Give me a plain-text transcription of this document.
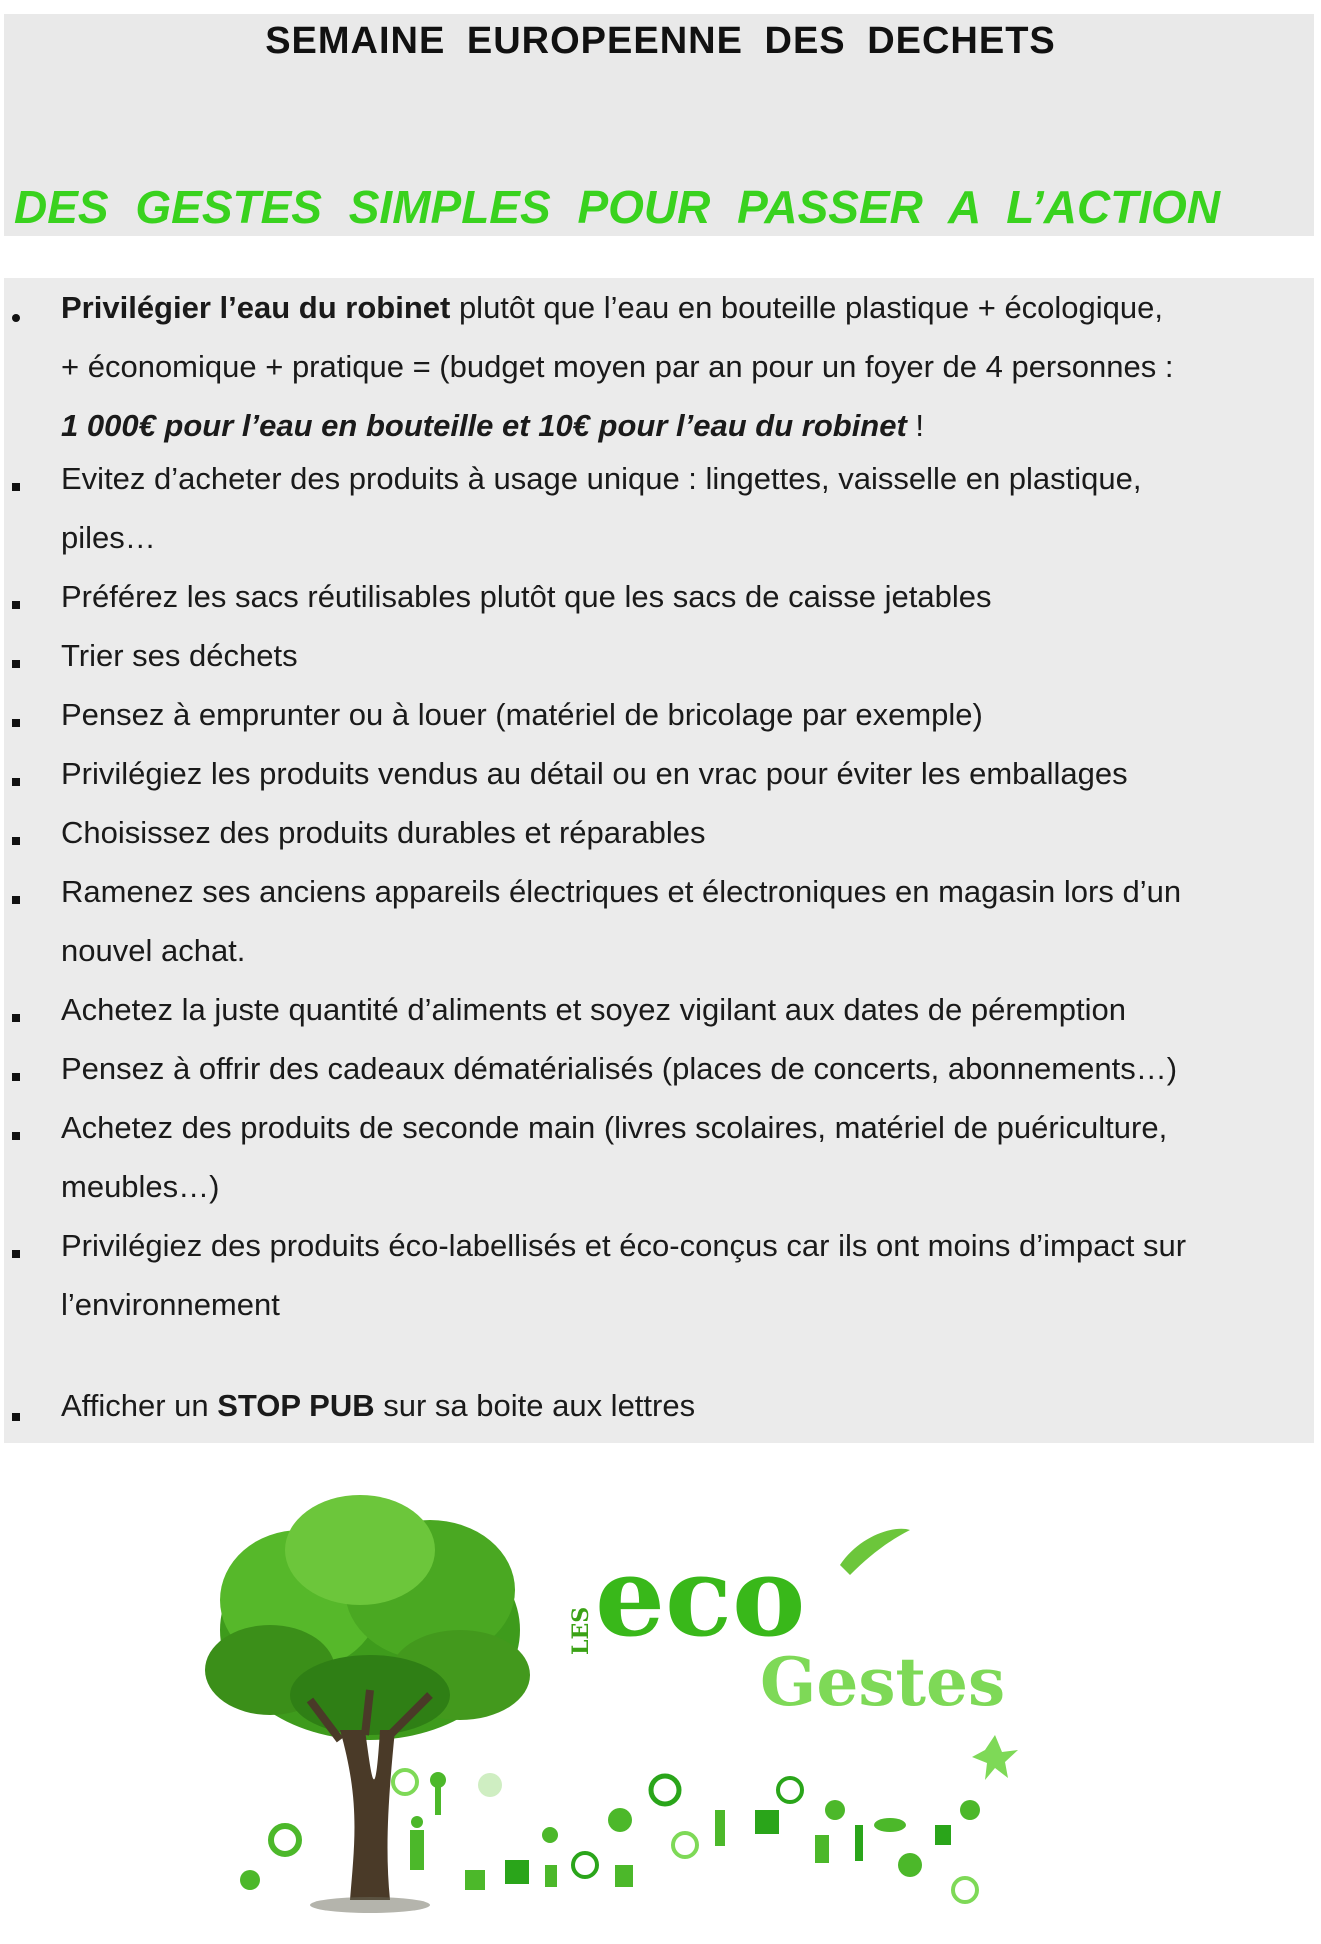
SEMAINE EUROPEENNE DES DECHETS
DES GESTES SIMPLES POUR PASSER A L’ACTION
Privilégier l’eau du robinet plutôt que l’eau en bouteille plastique + écologique,
+ économique + pratique = (budget moyen par an pour un foyer de 4 personnes :
1 000€ pour l’eau en bouteille et 10€ pour l’eau du robinet !
Evitez d’acheter des produits à usage unique : lingettes, vaisselle en plastique,
piles…
Préférez les sacs réutilisables plutôt que les sacs de caisse jetables
Trier ses déchets
Pensez à emprunter ou à louer (matériel de bricolage par exemple)
Privilégiez les produits vendus au détail ou en vrac pour éviter les emballages
Choisissez des produits durables et réparables
Ramenez ses anciens appareils électriques et électroniques en magasin lors d’un
nouvel achat.
Achetez la juste quantité d’aliments et soyez vigilant aux dates de péremption
Pensez à offrir des cadeaux dématérialisés (places de concerts, abonnements…)
Achetez des produits de seconde main (livres scolaires, matériel de puériculture,
meubles…)
Privilégiez des produits éco-labellisés et éco-conçus car ils ont moins d’impact sur
l’environnement
Afficher un STOP PUB sur sa boite aux lettres
LES eco
Gestes
